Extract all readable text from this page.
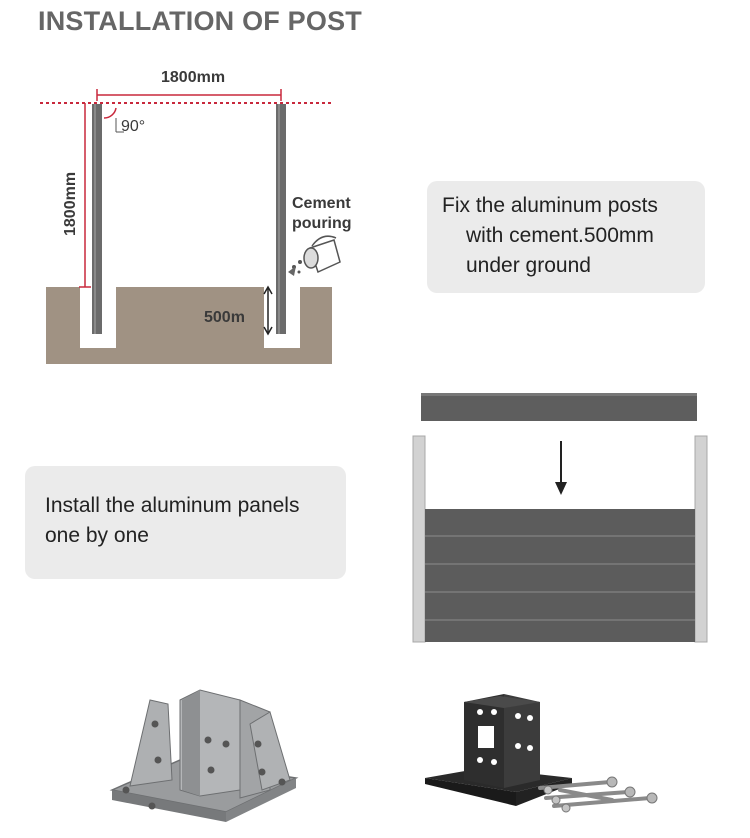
INSTALLATION OF POST
1800mm
1800mm
90°
Cement
pouring
500m
Fix the aluminum posts
with cement.500mm
under ground
Install the aluminum panels
one by one
